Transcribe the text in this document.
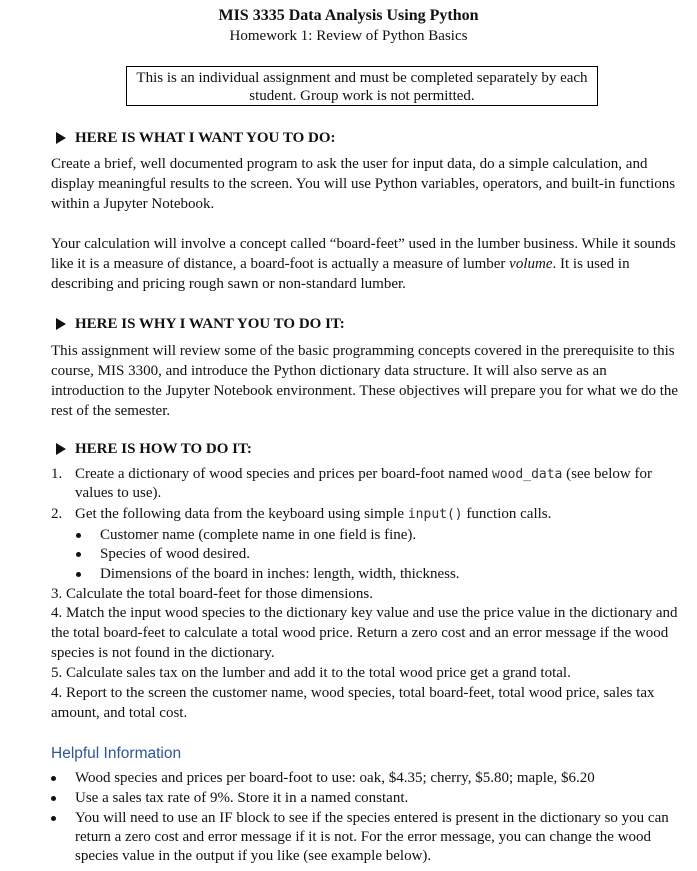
MIS 3335 Data Analysis Using Python
Homework 1: Review of Python Basics
This is an individual assignment and must be completed separately by each student. Group work is not permitted.
HERE IS WHAT I WANT YOU TO DO:

Create a brief, well documented program to ask the user for input data, do a simple calculation, and display meaningful results to the screen. You will use Python variables, operators, and built-in functions within a Jupyter Notebook.

Your calculation will involve a concept called “board-feet” used in the lumber business. While it sounds like it is a measure of distance, a board-foot is actually a measure of lumber volume. It is used in describing and pricing rough sawn or non-standard lumber.

HERE IS WHY I WANT YOU TO DO IT:

This assignment will review some of the basic programming concepts covered in the prerequisite to this course, MIS 3300, and introduce the Python dictionary data structure. It will also serve as an introduction to the Jupyter Notebook environment. These objectives will prepare you for what we do the rest of the semester.

HERE IS HOW TO DO IT:
1. Create a dictionary of wood species and prices per board-foot named wood_data (see below for values to use).
2. Get the following data from the keyboard using simple input() function calls.
Customer name (complete name in one field is fine).
Species of wood desired.
Dimensions of the board in inches: length, width, thickness.
3. Calculate the total board-feet for those dimensions.
4. Match the input wood species to the dictionary key value and use the price value in the dictionary and the total board-feet to calculate a total wood price. Return a zero cost and an error message if the wood species is not found in the dictionary.
5. Calculate sales tax on the lumber and add it to the total wood price get a grand total.
4. Report to the screen the customer name, wood species, total board-feet, total wood price, sales tax amount, and total cost.
Helpful Information
Wood species and prices per board-foot to use: oak, $4.35; cherry, $5.80; maple, $6.20
Use a sales tax rate of 9%. Store it in a named constant.
You will need to use an IF block to see if the species entered is present in the dictionary so you can return a zero cost and error message if it is not. For the error message, you can change the wood species value in the output if you like (see example below).
